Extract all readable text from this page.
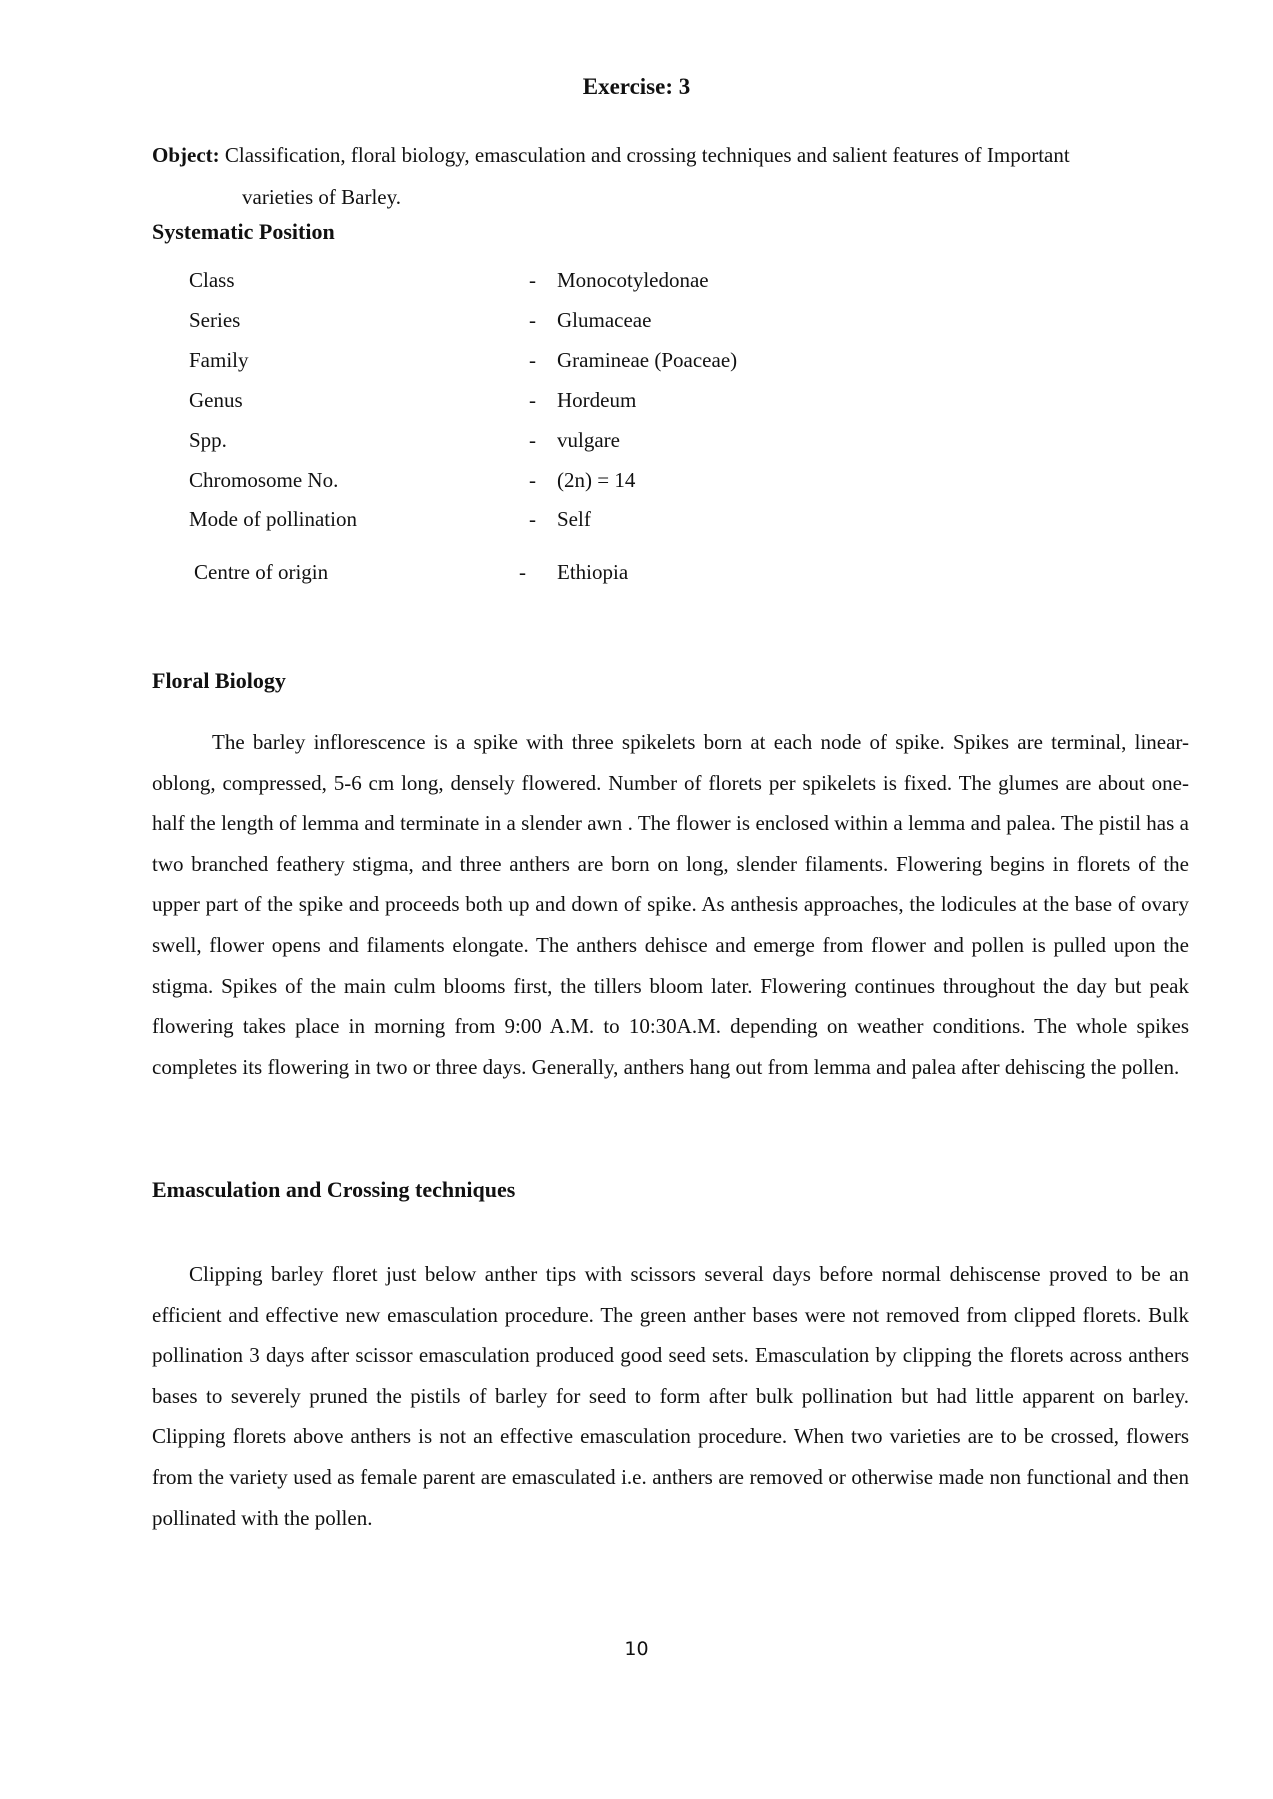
Exercise: 3

Object: Classification, floral biology, emasculation and crossing techniques and salient features of Important
varieties of Barley.

Systematic Position
Class	- Monocotyledonae
Series	- Glumaceae
Family	- Gramineae (Poaceae)
Genus	- Hordeum
Spp.	- vulgare
Chromosome No.	- (2n) = 14
Mode of pollination	- Self
Centre of origin	- Ethiopia
Floral Biology

The barley inflorescence is a spike with three spikelets born at each node of spike. Spikes are terminal, linear-oblong, compressed, 5-6 cm long, densely flowered. Number of florets per spikelets is fixed. The glumes are about one-half the length of lemma and terminate in a slender awn . The flower is enclosed within a lemma and palea. The pistil has a two branched feathery stigma, and three anthers are born on long, slender filaments. Flowering begins in florets of the upper part of the spike and proceeds both up and down of spike. As anthesis approaches, the lodicules at the base of ovary swell, flower opens and filaments elongate. The anthers dehisce and emerge from flower and pollen is pulled upon the stigma. Spikes of the main culm blooms first, the tillers bloom later. Flowering continues throughout the day but peak flowering takes place in morning from 9:00 A.M. to 10:30A.M. depending on weather conditions. The whole spikes completes its flowering in two or three days. Generally, anthers hang out from lemma and palea after dehiscing the pollen.

Emasculation and Crossing techniques

Clipping barley floret just below anther tips with scissors several days before normal dehiscense proved to be an efficient and effective new emasculation procedure. The green anther bases were not removed from clipped florets. Bulk pollination 3 days after scissor emasculation produced good seed sets. Emasculation by clipping the florets across anthers bases to severely pruned the pistils of barley for seed to form after bulk pollination but had little apparent on barley. Clipping florets above anthers is not an effective emasculation procedure. When two varieties are to be crossed, flowers from the variety used as female parent are emasculated i.e. anthers are removed or otherwise made non functional and then pollinated with the pollen.

10
